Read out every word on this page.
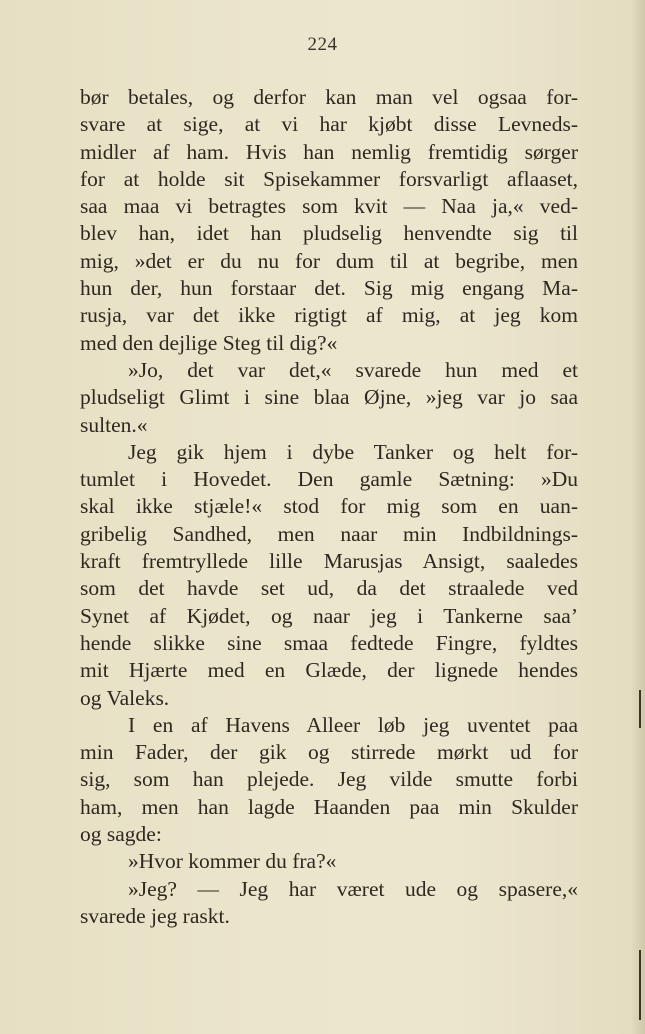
224
bør betales, og derfor kan man vel ogsaa for-
svare at sige, at vi har kjøbt disse Levneds-
midler af ham. Hvis han nemlig fremtidig sørger
for at holde sit Spisekammer forsvarligt aflaaset,
saa maa vi betragtes som kvit — Naa ja,« ved-
blev han, idet han pludselig henvendte sig til
mig, »det er du nu for dum til at begribe, men
hun der, hun forstaar det. Sig mig engang Ma-
rusja, var det ikke rigtigt af mig, at jeg kom
med den dejlige Steg til dig?«
»Jo, det var det,« svarede hun med et
pludseligt Glimt i sine blaa Øjne, »jeg var jo saa
sulten.«
Jeg gik hjem i dybe Tanker og helt for-
tumlet i Hovedet. Den gamle Sætning: »Du
skal ikke stjæle!« stod for mig som en uan-
gribelig Sandhed, men naar min Indbildnings-
kraft fremtryllede lille Marusjas Ansigt, saaledes
som det havde set ud, da det straalede ved
Synet af Kjødet, og naar jeg i Tankerne saa’
hende slikke sine smaa fedtede Fingre, fyldtes
mit Hjærte med en Glæde, der lignede hendes
og Valeks.
I en af Havens Alleer løb jeg uventet paa
min Fader, der gik og stirrede mørkt ud for
sig, som han plejede. Jeg vilde smutte forbi
ham, men han lagde Haanden paa min Skulder
og sagde:
»Hvor kommer du fra?«
»Jeg? — Jeg har været ude og spasere,«
svarede jeg raskt.
